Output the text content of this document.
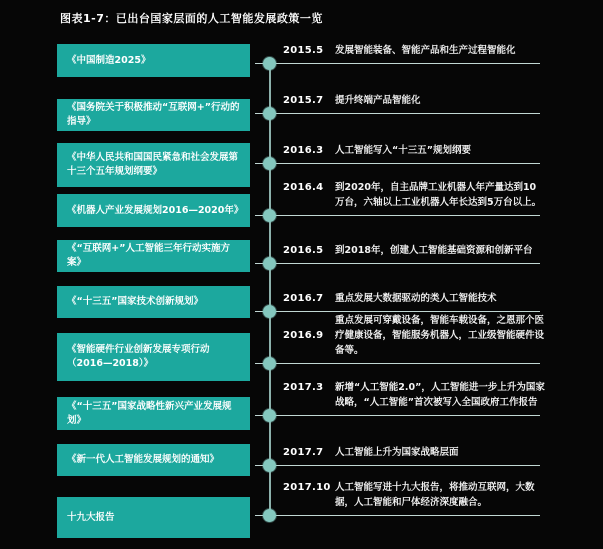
图表1-7：已出台国家层面的人工智能发展政策一览
《中国制造2025》
2015.5 发展智能装备、智能产品和生产过程智能化
《国务院关于积极推动“互联网+”行动的指导》
2015.7 提升终端产品智能化
《中华人民共和国国民紧急和社会发展第十三个五年规划纲要》
2016.3 人工智能写入“十三五”规划纲要
《机器人产业发展规划2016—2020年》
2016.4 到2020年，自主品牌工业机器人年产量达到10万台，六轴以上工业机器人年长达到5万台以上。
《“互联网+”人工智能三年行动实施方案》
2016.5 到2018年，创建人工智能基础资源和创新平台
《“十三五”国家技术创新规划》	2016.7 重点发展大数据驱动的类人工智能技术
《智能硬件行业创新发展专项行动（2016—2018）》
2016.9
重点发展可穿戴设备，智能车载设备，之恩那个医疗健康设备，智能服务机器人，工业级智能硬件设备等。
《“十三五”国家战略性新兴产业发展规划》
2017.3 新增“人工智能2.0”，人工智能进一步上升为国家战略，“人工智能”首次被写入全国政府工作报告
《新一代人工智能发展规划的通知》
2017.7 人工智能上升为国家战略层面
十九大报告
2017.10 人工智能写进十九大报告，将推动互联网，大数据，人工智能和尸体经济深度融合。
